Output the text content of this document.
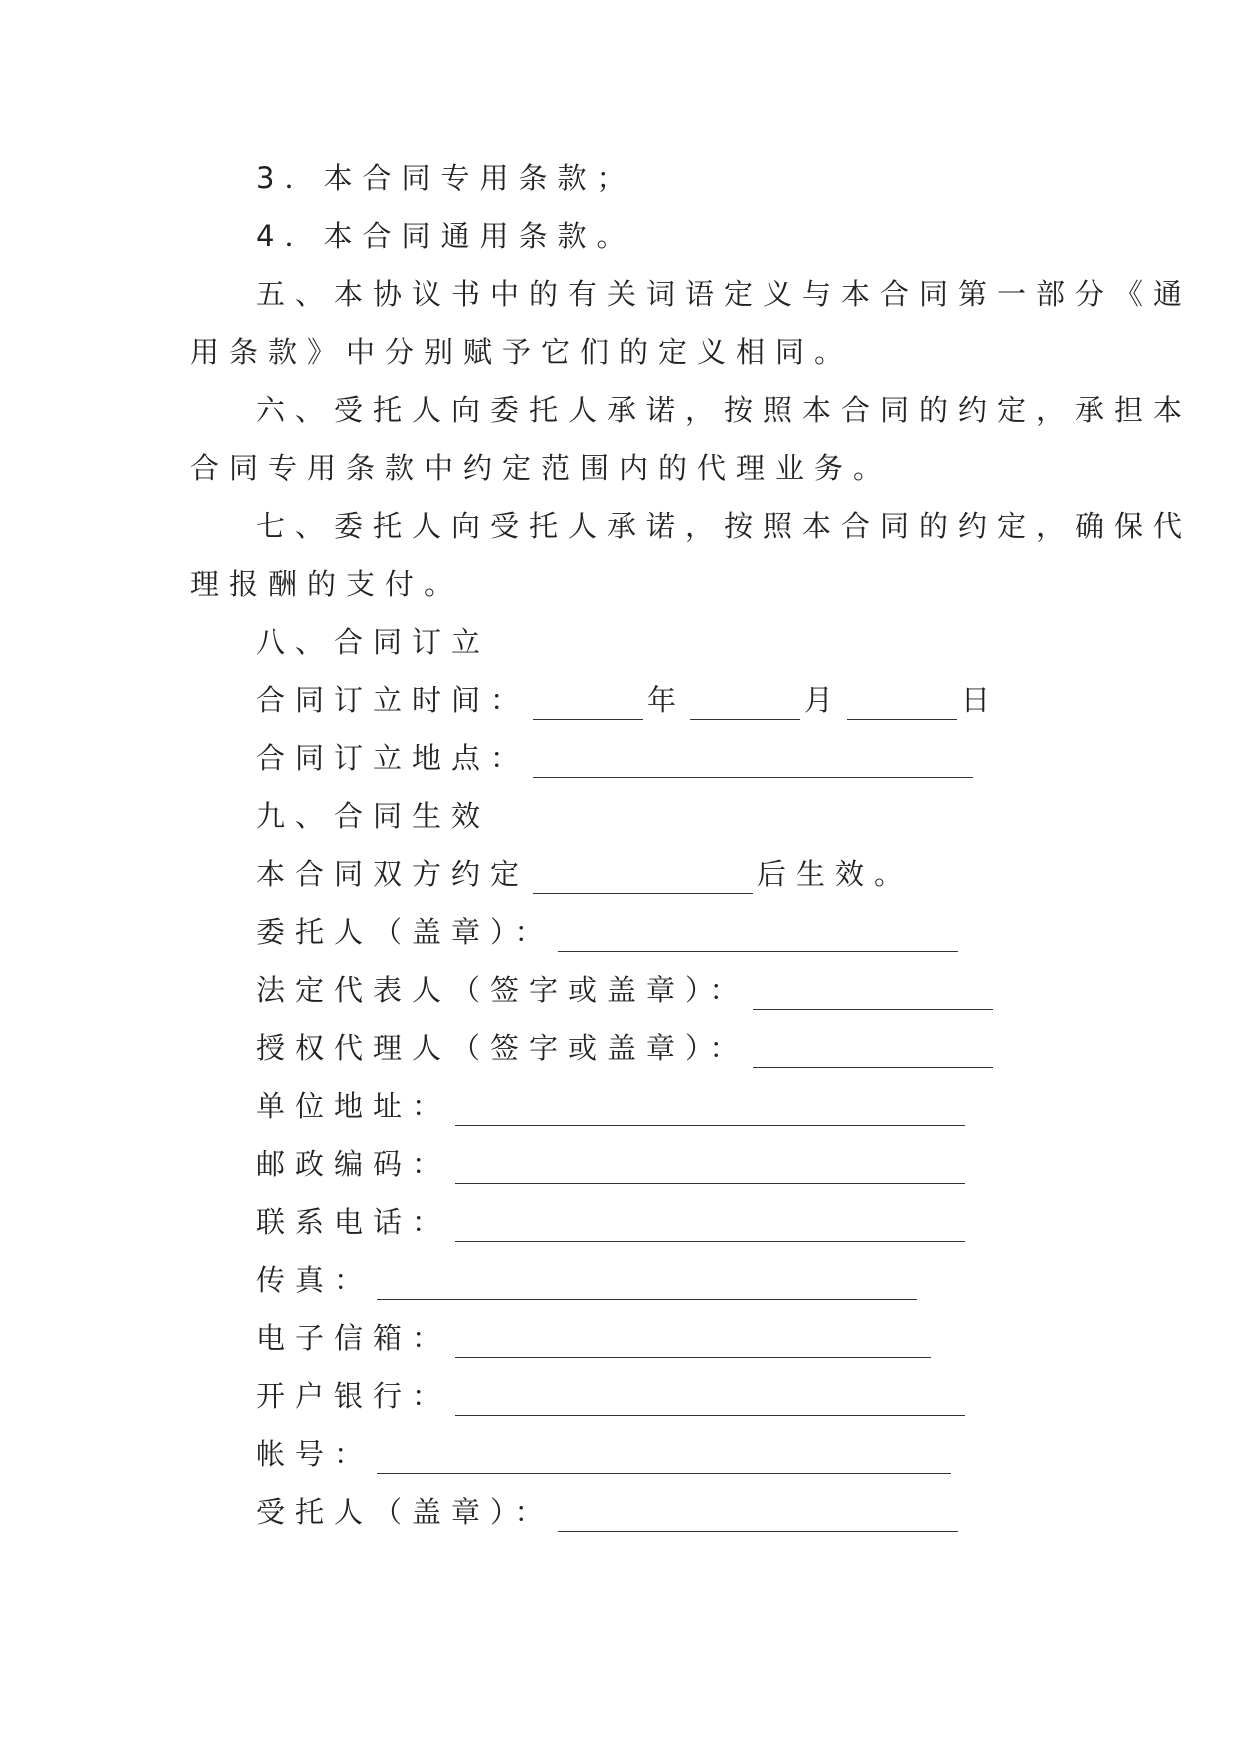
3．本合同专用条款；
4．本合同通用条款。
五、本协议书中的有关词语定义与本合同第一部分《通
用条款》中分别赋予它们的定义相同。
六、受托人向委托人承诺，按照本合同的约定，承担本
合同专用条款中约定范围内的代理业务。
七、委托人向受托人承诺，按照本合同的约定，确保代
理报酬的支付。
八、合同订立
合同订立时间：	年	月	日
合同订立地点：
九、合同生效
本合同双方约定	后生效。
委托人（盖章）：
法定代表人（签字或盖章）：
授权代理人（签字或盖章）：
单位地址：
邮政编码：
联系电话：
传真：
电子信箱：
开户银行：
帐号：
受托人（盖章）：
